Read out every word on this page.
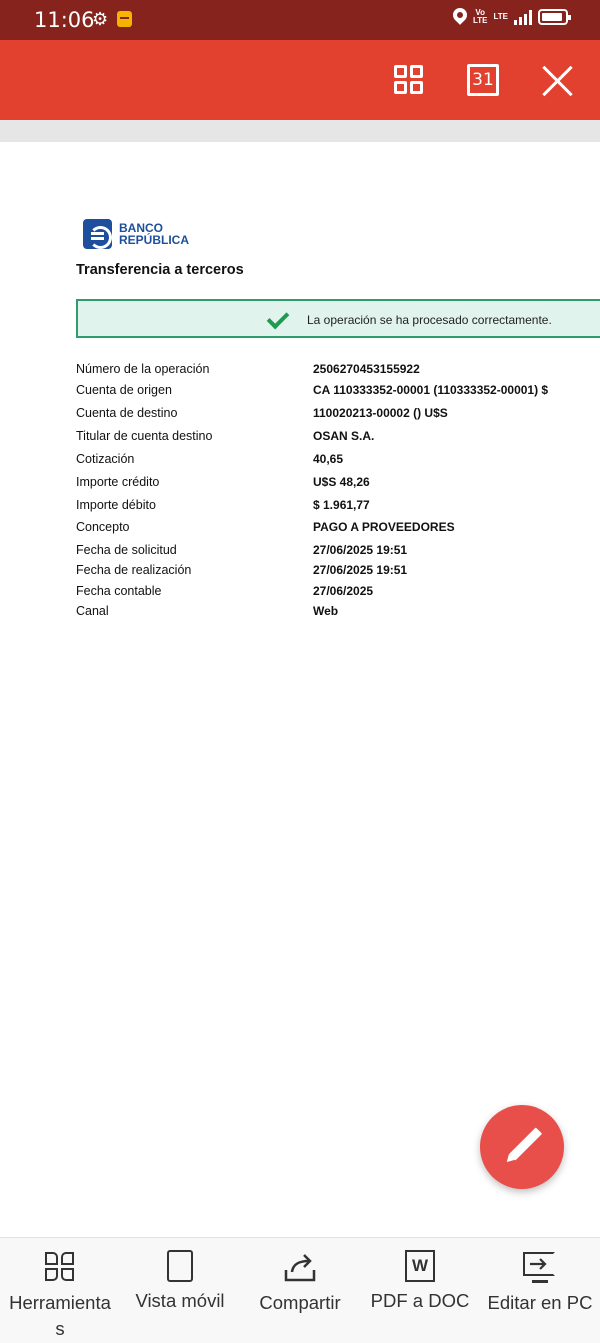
11:06
⚙	Vo
LTE LTE
31
BANCO
REPÚBLICA
Transferencia a terceros
La operación se ha procesado correctamente.
Número de la operación	2506270453155922
Cuenta de origen	CA 110333352-00001 (110333352-00001) $
Cuenta de destino	110020213-00002 () U$S
Titular de cuenta destino	OSAN S.A.
Cotización	40,65
Importe crédito	U$S 48,26
Importe débito	$ 1.961,77
Concepto	PAGO A PROVEEDORES
Fecha de solicitud	27/06/2025 19:51
Fecha de realización	27/06/2025 19:51
Fecha contable	27/06/2025
Canal	Web
Herramienta
s
Vista móvil	Compartir
W
PDF a DOC Editar en PC
